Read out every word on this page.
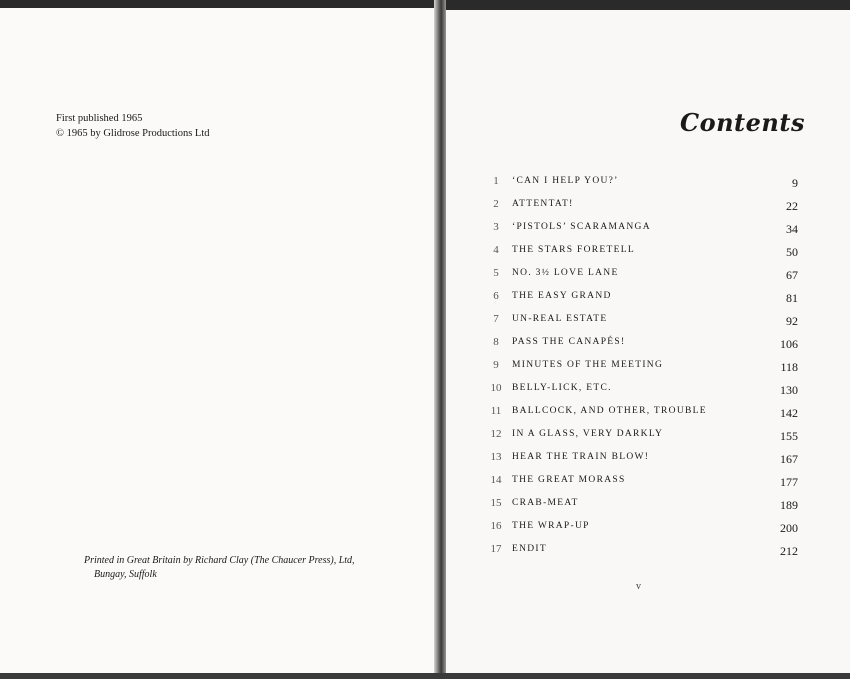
First published 1965
© 1965 by Glidrose Productions Ltd
Printed in Great Britain by Richard Clay (The Chaucer Press), Ltd,
Bungay, Suffolk
Contents
1	‘CAN I HELP YOU?’	9
2	ATTENTAT!	22
3	‘PISTOLS’ SCARAMANGA	34
4	THE STARS FORETELL	50
5	NO. 3½ LOVE LANE	67
6	THE EASY GRAND	81
7	UN-REAL ESTATE	92
8	PASS THE CANAPÉS!	106
9	MINUTES OF THE MEETING	118
10 BELLY-LICK, ETC.	130
11 BALLCOCK, AND OTHER, TROUBLE	142
12 IN A GLASS, VERY DARKLY	155
13 HEAR THE TRAIN BLOW!	167
14 THE GREAT MORASS	177
15 CRAB-MEAT	189
16 THE WRAP-UP	200
17 ENDIT	212
v
